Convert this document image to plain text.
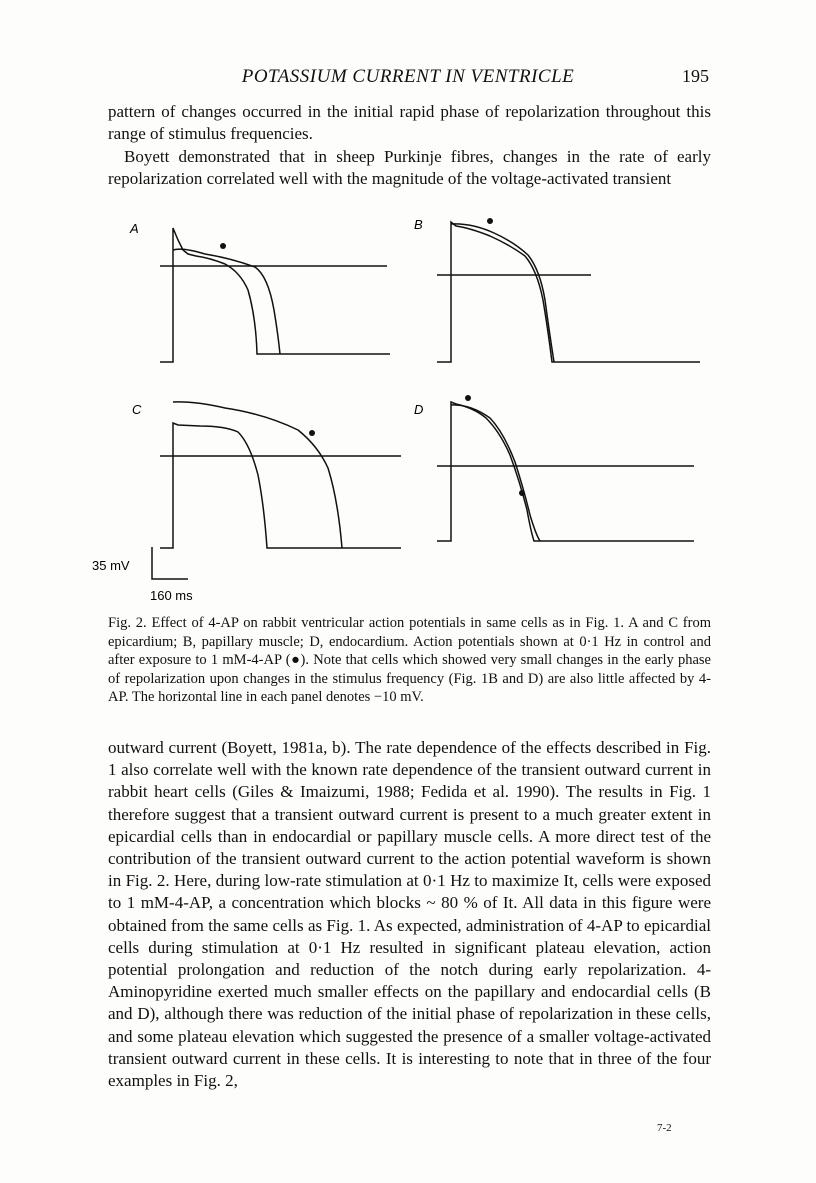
POTASSIUM CURRENT IN VENTRICLE	195

pattern of changes occurred in the initial rapid phase of repolarization throughout this range of stimulus frequencies.

Boyett demonstrated that in sheep Purkinje fibres, changes in the rate of early repolarization correlated well with the magnitude of the voltage-activated transient

A	B
C	D
35 mV
160 ms

Fig. 2. Effect of 4-AP on rabbit ventricular action potentials in same cells as in Fig. 1. A and C from epicardium; B, papillary muscle; D, endocardium. Action potentials shown at 0·1 Hz in control and after exposure to 1 mM-4-AP (●). Note that cells which showed very small changes in the early phase of repolarization upon changes in the stimulus frequency (Fig. 1B and D) are also little affected by 4-AP. The horizontal line in each panel denotes −10 mV.

outward current (Boyett, 1981a, b). The rate dependence of the effects described in Fig. 1 also correlate well with the known rate dependence of the transient outward current in rabbit heart cells (Giles & Imaizumi, 1988; Fedida et al. 1990). The results in Fig. 1 therefore suggest that a transient outward current is present to a much greater extent in epicardial cells than in endocardial or papillary muscle cells. A more direct test of the contribution of the transient outward current to the action potential waveform is shown in Fig. 2. Here, during low-rate stimulation at 0·1 Hz to maximize It, cells were exposed to 1 mM-4-AP, a concentration which blocks ~ 80 % of It. All data in this figure were obtained from the same cells as Fig. 1. As expected, administration of 4-AP to epicardial cells during stimulation at 0·1 Hz resulted in significant plateau elevation, action potential prolongation and reduction of the notch during early repolarization. 4-Aminopyridine exerted much smaller effects on the papillary and endocardial cells (B and D), although there was reduction of the initial phase of repolarization in these cells, and some plateau elevation which suggested the presence of a smaller voltage-activated transient outward current in these cells. It is interesting to note that in three of the four examples in Fig. 2,

7-2
